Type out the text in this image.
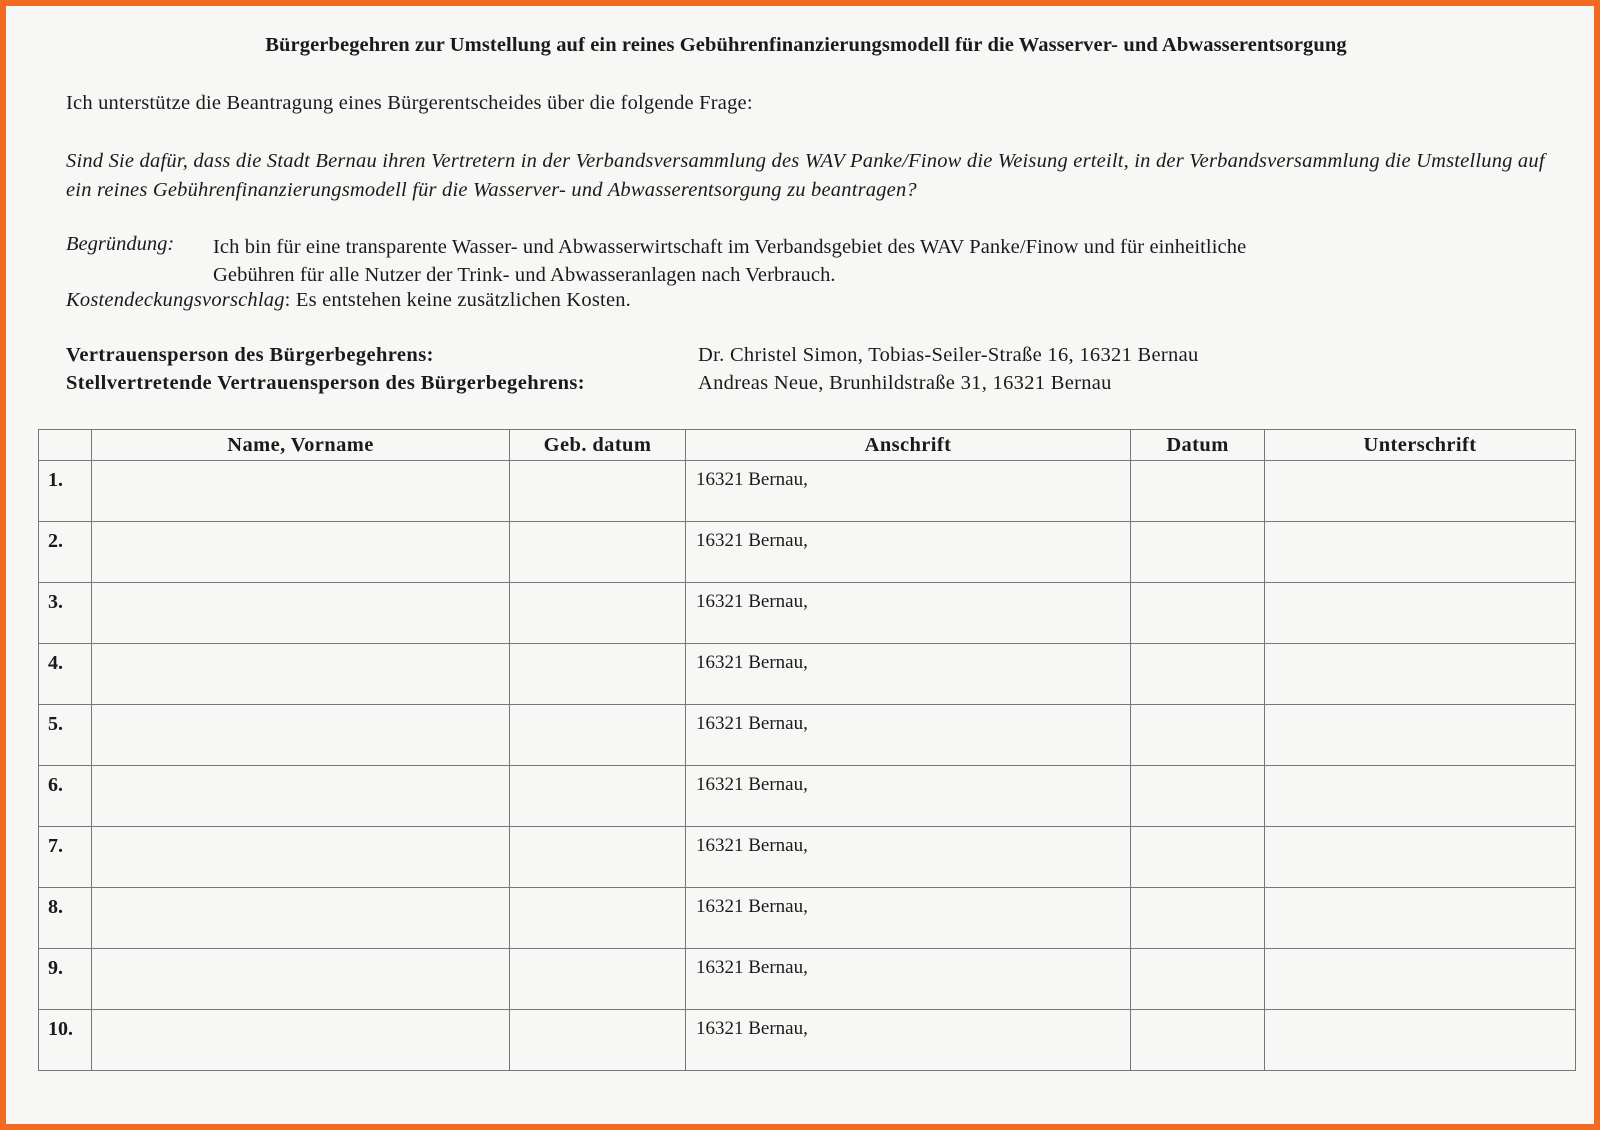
Bürgerbegehren zur Umstellung auf ein reines Gebührenfinanzierungsmodell für die Wasserver- und Abwasserentsorgung
Ich unterstütze die Beantragung eines Bürgerentscheides über die folgende Frage:
Sind Sie dafür, dass die Stadt Bernau ihren Vertretern in der Verbandsversammlung des WAV Panke/Finow die Weisung erteilt, in der Verbandsversammlung die Umstellung auf ein reines Gebührenfinanzierungsmodell für die Wasserver- und Abwasserentsorgung zu beantragen?
Begründung: Ich bin für eine transparente Wasser- und Abwasserwirtschaft im Verbandsgebiet des WAV Panke/Finow und für einheitliche
Gebühren für alle Nutzer der Trink- und Abwasseranlagen nach Verbrauch.
Kostendeckungsvorschlag: Es entstehen keine zusätzlichen Kosten.
Vertrauensperson des Bürgerbegehrens:	Dr. Christel Simon, Tobias-Seiler-Straße 16, 16321 Bernau
Stellvertretende Vertrauensperson des Bürgerbegehrens:	Andreas Neue, Brunhildstraße 31, 16321 Bernau
	Name, Vorname	Geb. datum	Anschrift	Datum	Unterschrift
1.			16321 Bernau,		
2.			16321 Bernau,		
3.			16321 Bernau,		
4.			16321 Bernau,		
5.			16321 Bernau,		
6.			16321 Bernau,		
7.			16321 Bernau,		
8.			16321 Bernau,		
9.			16321 Bernau,		
10.			16321 Bernau,		
